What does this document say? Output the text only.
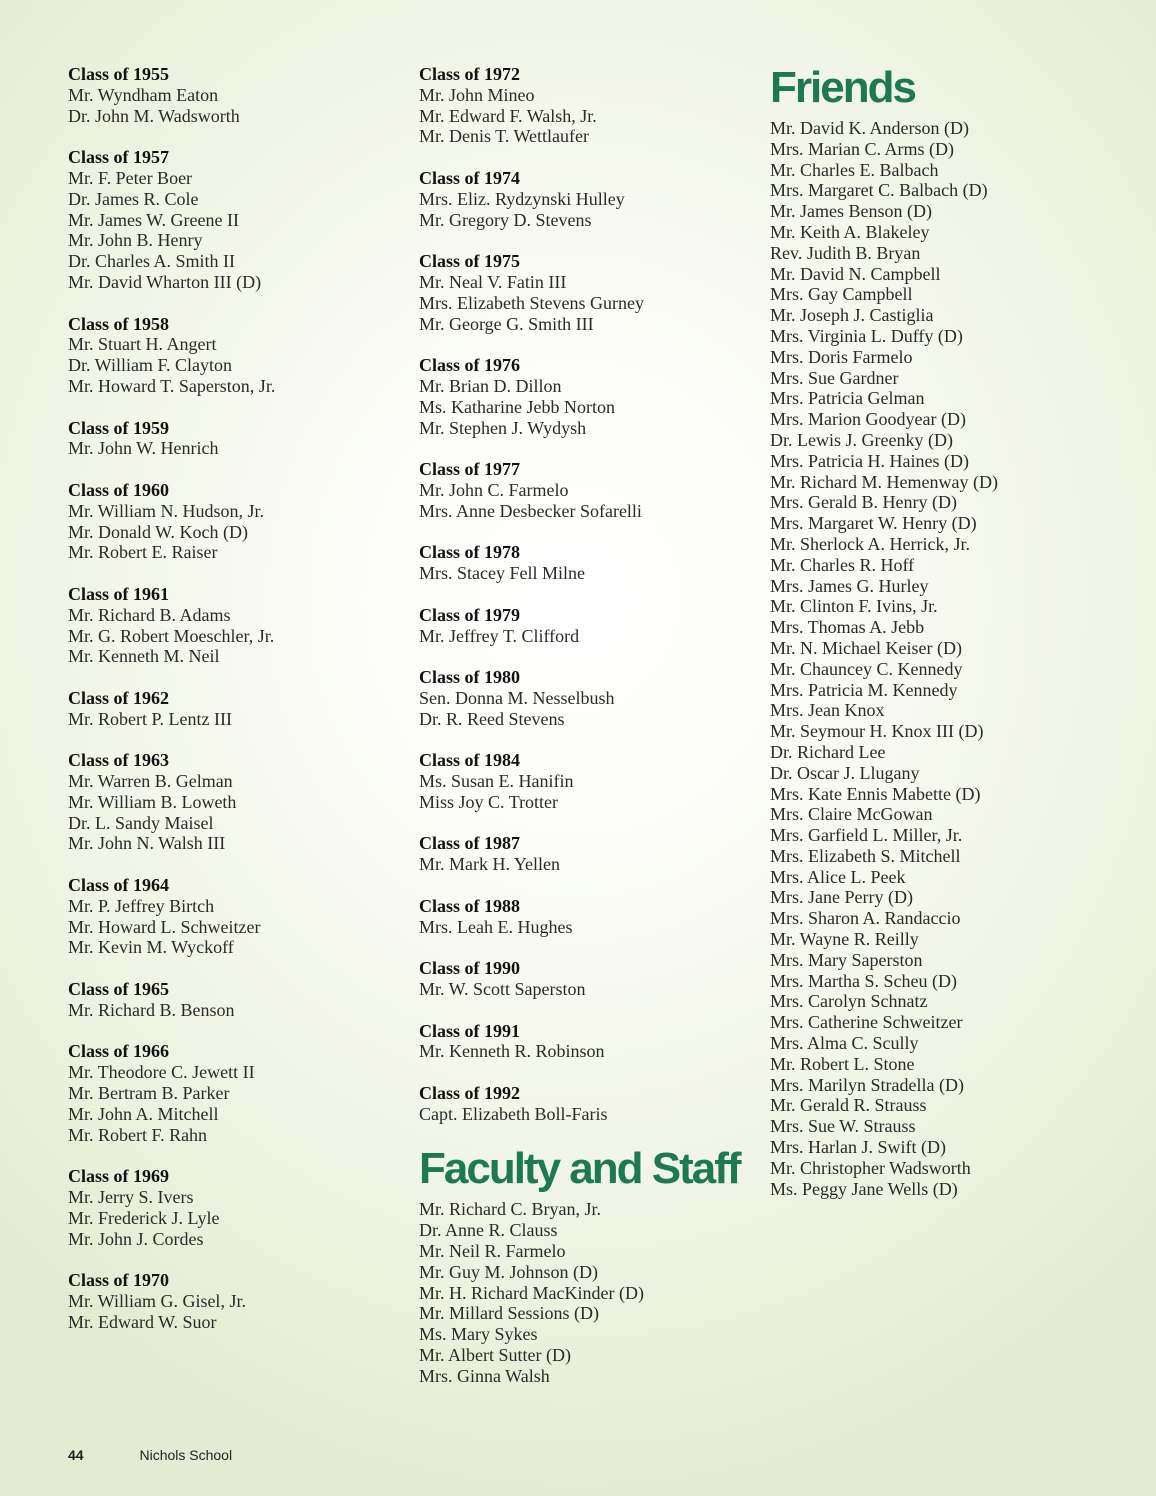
Class of 1955
Mr. Wyndham Eaton
Dr. John M. Wadsworth
Class of 1957
Mr. F. Peter Boer
Dr. James R. Cole
Mr. James W. Greene II
Mr. John B. Henry
Dr. Charles A. Smith II
Mr. David Wharton III (D)
Class of 1958
Mr. Stuart H. Angert
Dr. William F. Clayton
Mr. Howard T. Saperston, Jr.
Class of 1959
Mr. John W. Henrich
Class of 1960
Mr. William N. Hudson, Jr.
Mr. Donald W. Koch (D)
Mr. Robert E. Raiser
Class of 1961
Mr. Richard B. Adams
Mr. G. Robert Moeschler, Jr.
Mr. Kenneth M. Neil
Class of 1962
Mr. Robert P. Lentz III
Class of 1963
Mr. Warren B. Gelman
Mr. William B. Loweth
Dr. L. Sandy Maisel
Mr. John N. Walsh III
Class of 1964
Mr. P. Jeffrey Birtch
Mr. Howard L. Schweitzer
Mr. Kevin M. Wyckoff
Class of 1965
Mr. Richard B. Benson
Class of 1966
Mr. Theodore C. Jewett II
Mr. Bertram B. Parker
Mr. John A. Mitchell
Mr. Robert F. Rahn
Class of 1969
Mr. Jerry S. Ivers
Mr. Frederick J. Lyle
Mr. John J. Cordes
Class of 1970
Mr. William G. Gisel, Jr.
Mr. Edward W. Suor
Class of 1972
Mr. John Mineo
Mr. Edward F. Walsh, Jr.
Mr. Denis T. Wettlaufer
Class of 1974
Mrs. Eliz. Rydzynski Hulley
Mr. Gregory D. Stevens
Class of 1975
Mr. Neal V. Fatin III
Mrs. Elizabeth Stevens Gurney
Mr. George G. Smith III
Class of 1976
Mr. Brian D. Dillon
Ms. Katharine Jebb Norton
Mr. Stephen J. Wydysh
Class of 1977
Mr. John C. Farmelo
Mrs. Anne Desbecker Sofarelli
Class of 1978
Mrs. Stacey Fell Milne
Class of 1979
Mr. Jeffrey T. Clifford
Class of 1980
Sen. Donna M. Nesselbush
Dr. R. Reed Stevens
Class of 1984
Ms. Susan E. Hanifin
Miss Joy C. Trotter
Class of 1987
Mr. Mark H. Yellen
Class of 1988
Mrs. Leah E. Hughes
Class of 1990
Mr. W. Scott Saperston
Class of 1991
Mr. Kenneth R. Robinson
Class of 1992
Capt. Elizabeth Boll-Faris
Faculty and Staff
Mr. Richard C. Bryan, Jr.
Dr. Anne R. Clauss
Mr. Neil R. Farmelo
Mr. Guy M. Johnson (D)
Mr. H. Richard MacKinder (D)
Mr. Millard Sessions (D)
Ms. Mary Sykes
Mr. Albert Sutter (D)
Mrs. Ginna Walsh
Friends
Mr. David K. Anderson (D)
Mrs. Marian C. Arms (D)
Mr. Charles E. Balbach
Mrs. Margaret C. Balbach (D)
Mr. James Benson (D)
Mr. Keith A. Blakeley
Rev. Judith B. Bryan
Mr. David N. Campbell
Mrs. Gay Campbell
Mr. Joseph J. Castiglia
Mrs. Virginia L. Duffy (D)
Mrs. Doris Farmelo
Mrs. Sue Gardner
Mrs. Patricia Gelman
Mrs. Marion Goodyear (D)
Dr. Lewis J. Greenky (D)
Mrs. Patricia H. Haines (D)
Mr. Richard M. Hemenway (D)
Mrs. Gerald B. Henry (D)
Mrs. Margaret W. Henry (D)
Mr. Sherlock A. Herrick, Jr.
Mr. Charles R. Hoff
Mrs. James G. Hurley
Mr. Clinton F. Ivins, Jr.
Mrs. Thomas A. Jebb
Mr. N. Michael Keiser (D)
Mr. Chauncey C. Kennedy
Mrs. Patricia M. Kennedy
Mrs. Jean Knox
Mr. Seymour H. Knox III (D)
Dr. Richard Lee
Dr. Oscar J. Llugany
Mrs. Kate Ennis Mabette (D)
Mrs. Claire McGowan
Mrs. Garfield L. Miller, Jr.
Mrs. Elizabeth S. Mitchell
Mrs. Alice L. Peek
Mrs. Jane Perry (D)
Mrs. Sharon A. Randaccio
Mr. Wayne R. Reilly
Mrs. Mary Saperston
Mrs. Martha S. Scheu (D)
Mrs. Carolyn Schnatz
Mrs. Catherine Schweitzer
Mrs. Alma C. Scully
Mr. Robert L. Stone
Mrs. Marilyn Stradella (D)
Mr. Gerald R. Strauss
Mrs. Sue W. Strauss
Mrs. Harlan J. Swift (D)
Mr. Christopher Wadsworth
Ms. Peggy Jane Wells (D)
44	Nichols School
